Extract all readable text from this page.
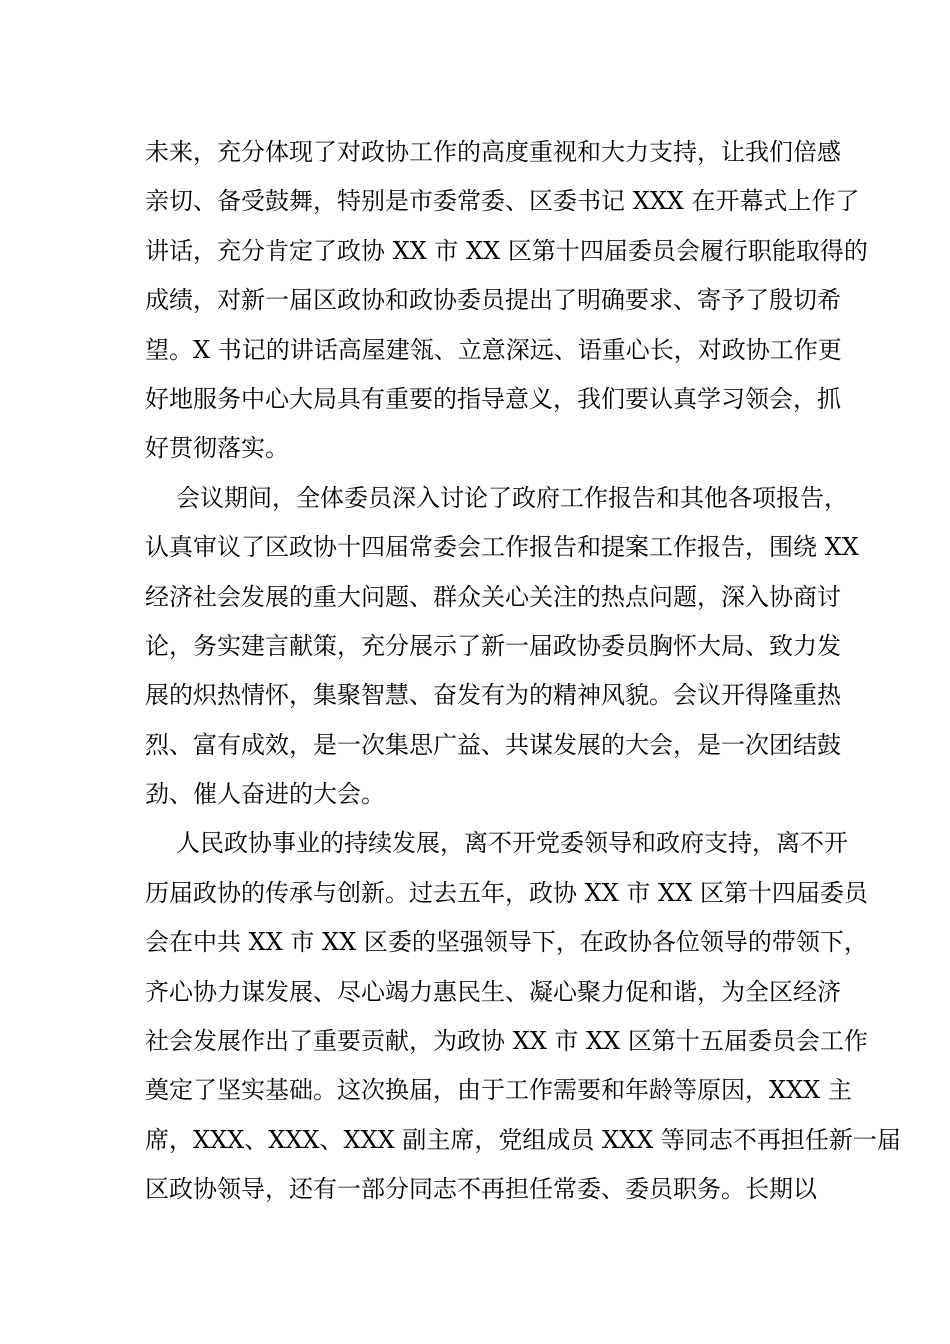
未来，充分体现了对政协工作的高度重视和大力支持，让我们倍感
亲切、备受鼓舞，特别是市委常委、区委书记 XXX 在开幕式上作了
讲话，充分肯定了政协 XX 市 XX 区第十四届委员会履行职能取得的
成绩，对新一届区政协和政协委员提出了明确要求、寄予了殷切希
望。X 书记的讲话高屋建瓴、立意深远、语重心长，对政协工作更
好地服务中心大局具有重要的指导意义，我们要认真学习领会，抓
好贯彻落实。
会议期间，全体委员深入讨论了政府工作报告和其他各项报告，
认真审议了区政协十四届常委会工作报告和提案工作报告，围绕 XX
经济社会发展的重大问题、群众关心关注的热点问题，深入协商讨
论，务实建言献策，充分展示了新一届政协委员胸怀大局、致力发
展的炽热情怀，集聚智慧、奋发有为的精神风貌。会议开得隆重热
烈、富有成效，是一次集思广益、共谋发展的大会，是一次团结鼓
劲、催人奋进的大会。
人民政协事业的持续发展，离不开党委领导和政府支持，离不开
历届政协的传承与创新。过去五年，政协 XX 市 XX 区第十四届委员
会在中共 XX 市 XX 区委的坚强领导下，在政协各位领导的带领下，
齐心协力谋发展、尽心竭力惠民生、凝心聚力促和谐，为全区经济
社会发展作出了重要贡献，为政协 XX 市 XX 区第十五届委员会工作
奠定了坚实基础。这次换届，由于工作需要和年龄等原因，XXX 主
席，XXX、XXX、XXX 副主席，党组成员 XXX 等同志不再担任新一届
区政协领导，还有一部分同志不再担任常委、委员职务。长期以
